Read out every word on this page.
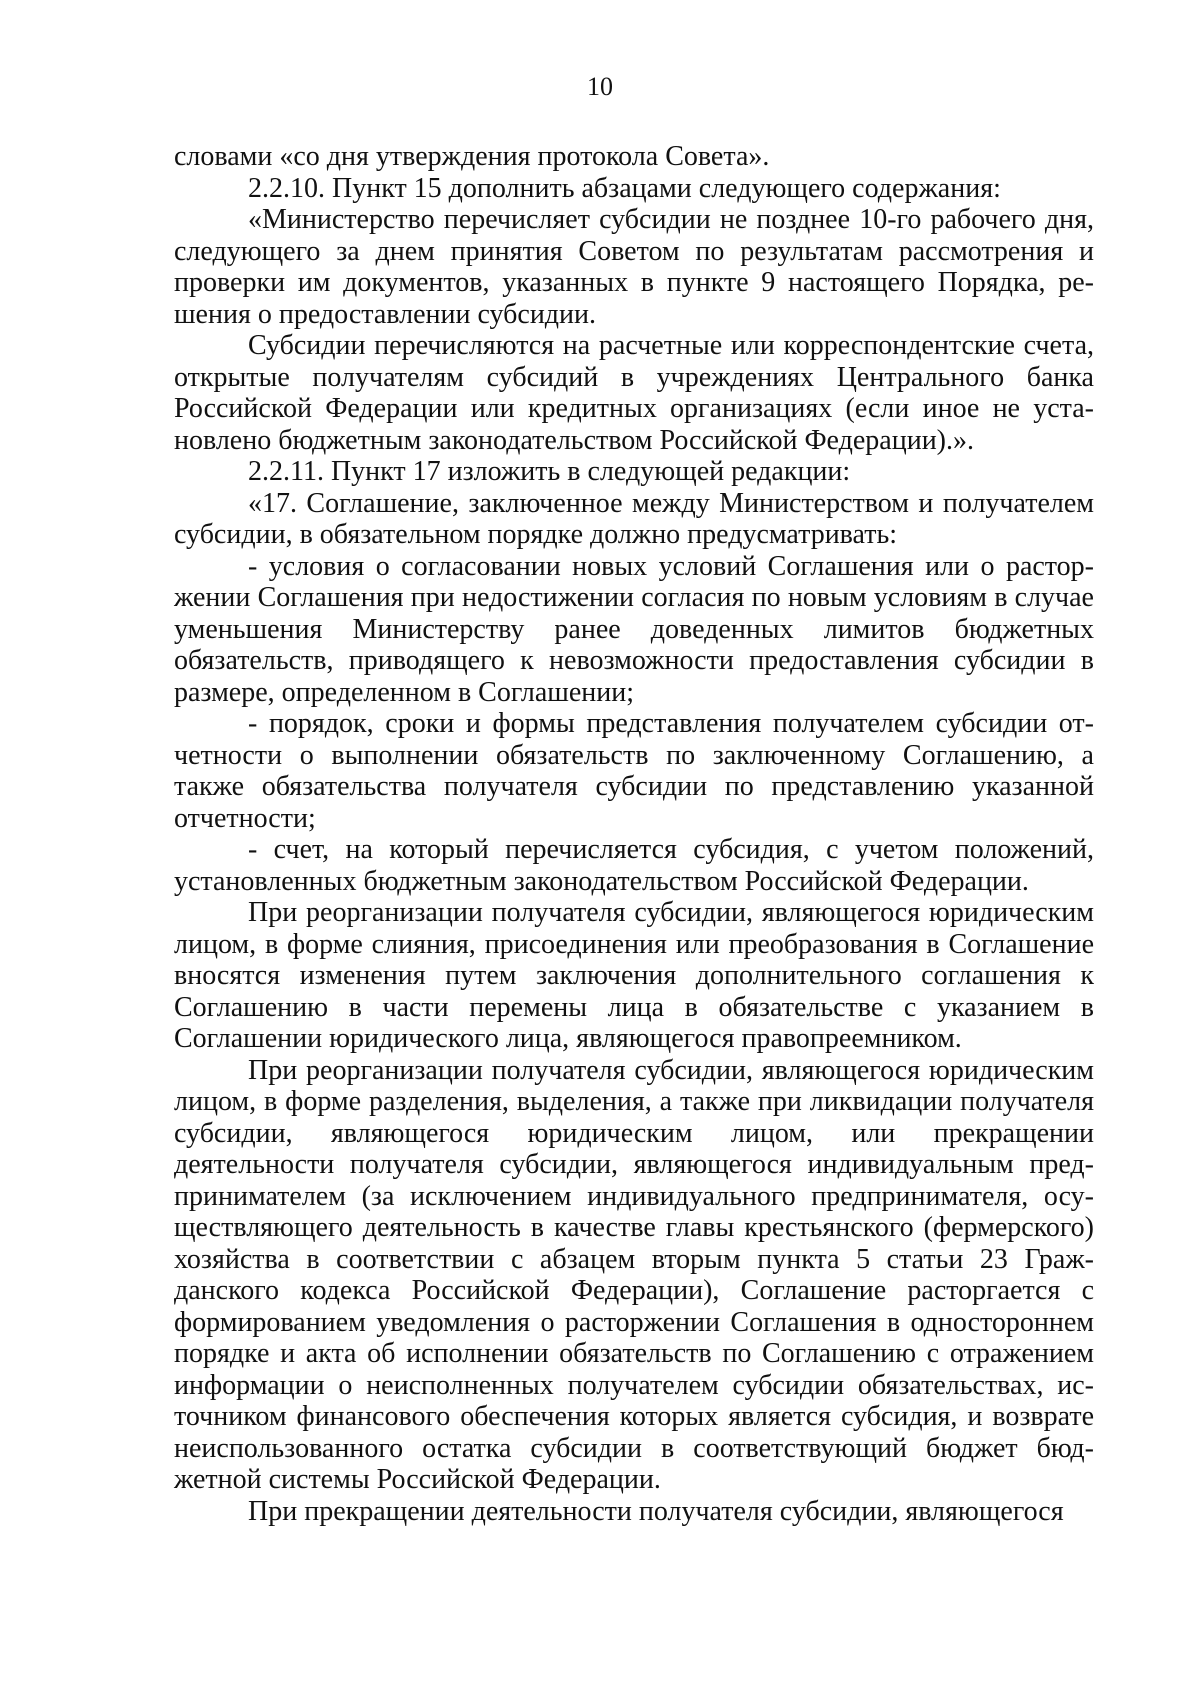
10

словами «со дня утверждения протокола Совета».

2.2.10. Пункт 15 дополнить абзацами следующего содержания:

«Министерство перечисляет субсидии не позднее 10-го рабочего дня, следующего за днем принятия Советом по результатам рассмотрения и проверки им документов, указанных в пункте 9 настоящего Порядка, решения о предоставлении субсидии.

Субсидии перечисляются на расчетные или корреспондентские счета, открытые получателям субсидий в учреждениях Центрального банка Российской Федерации или кредитных организациях (если иное не установлено бюджетным законодательством Российской Федерации).».

2.2.11. Пункт 17 изложить в следующей редакции:

«17. Соглашение, заключенное между Министерством и получателем субсидии, в обязательном порядке должно предусматривать:

- условия о согласовании новых условий Соглашения или о расторжении Соглашения при недостижении согласия по новым условиям в случае уменьшения Министерству ранее доведенных лимитов бюджетных обязательств, приводящего к невозможности предоставления субсидии в размере, определенном в Соглашении;

- порядок, сроки и формы представления получателем субсидии отчетности о выполнении обязательств по заключенному Соглашению, а также обязательства получателя субсидии по представлению указанной отчетности;

- счет, на который перечисляется субсидия, с учетом положений, установленных бюджетным законодательством Российской Федерации.

При реорганизации получателя субсидии, являющегося юридическим лицом, в форме слияния, присоединения или преобразования в Соглашение вносятся изменения путем заключения дополнительного соглашения к Соглашению в части перемены лица в обязательстве с указанием в Соглашении юридического лица, являющегося правопреемником.

При реорганизации получателя субсидии, являющегося юридическим лицом, в форме разделения, выделения, а также при ликвидации получателя субсидии, являющегося юридическим лицом, или прекращении деятельности получателя субсидии, являющегося индивидуальным предпринимателем (за исключением индивидуального предпринимателя, осуществляющего деятельность в качестве главы крестьянского (фермерского) хозяйства в соответствии с абзацем вторым пункта 5 статьи 23 Гражданского кодекса Российской Федерации), Соглашение расторгается с формированием уведомления о расторжении Соглашения в одностороннем порядке и акта об исполнении обязательств по Соглашению с отражением информации о неисполненных получателем субсидии обязательствах, источником финансового обеспечения которых является субсидия, и возврате неиспользованного остатка субсидии в соответствующий бюджет бюджетной системы Российской Федерации.

При прекращении деятельности получателя субсидии, являющегося
